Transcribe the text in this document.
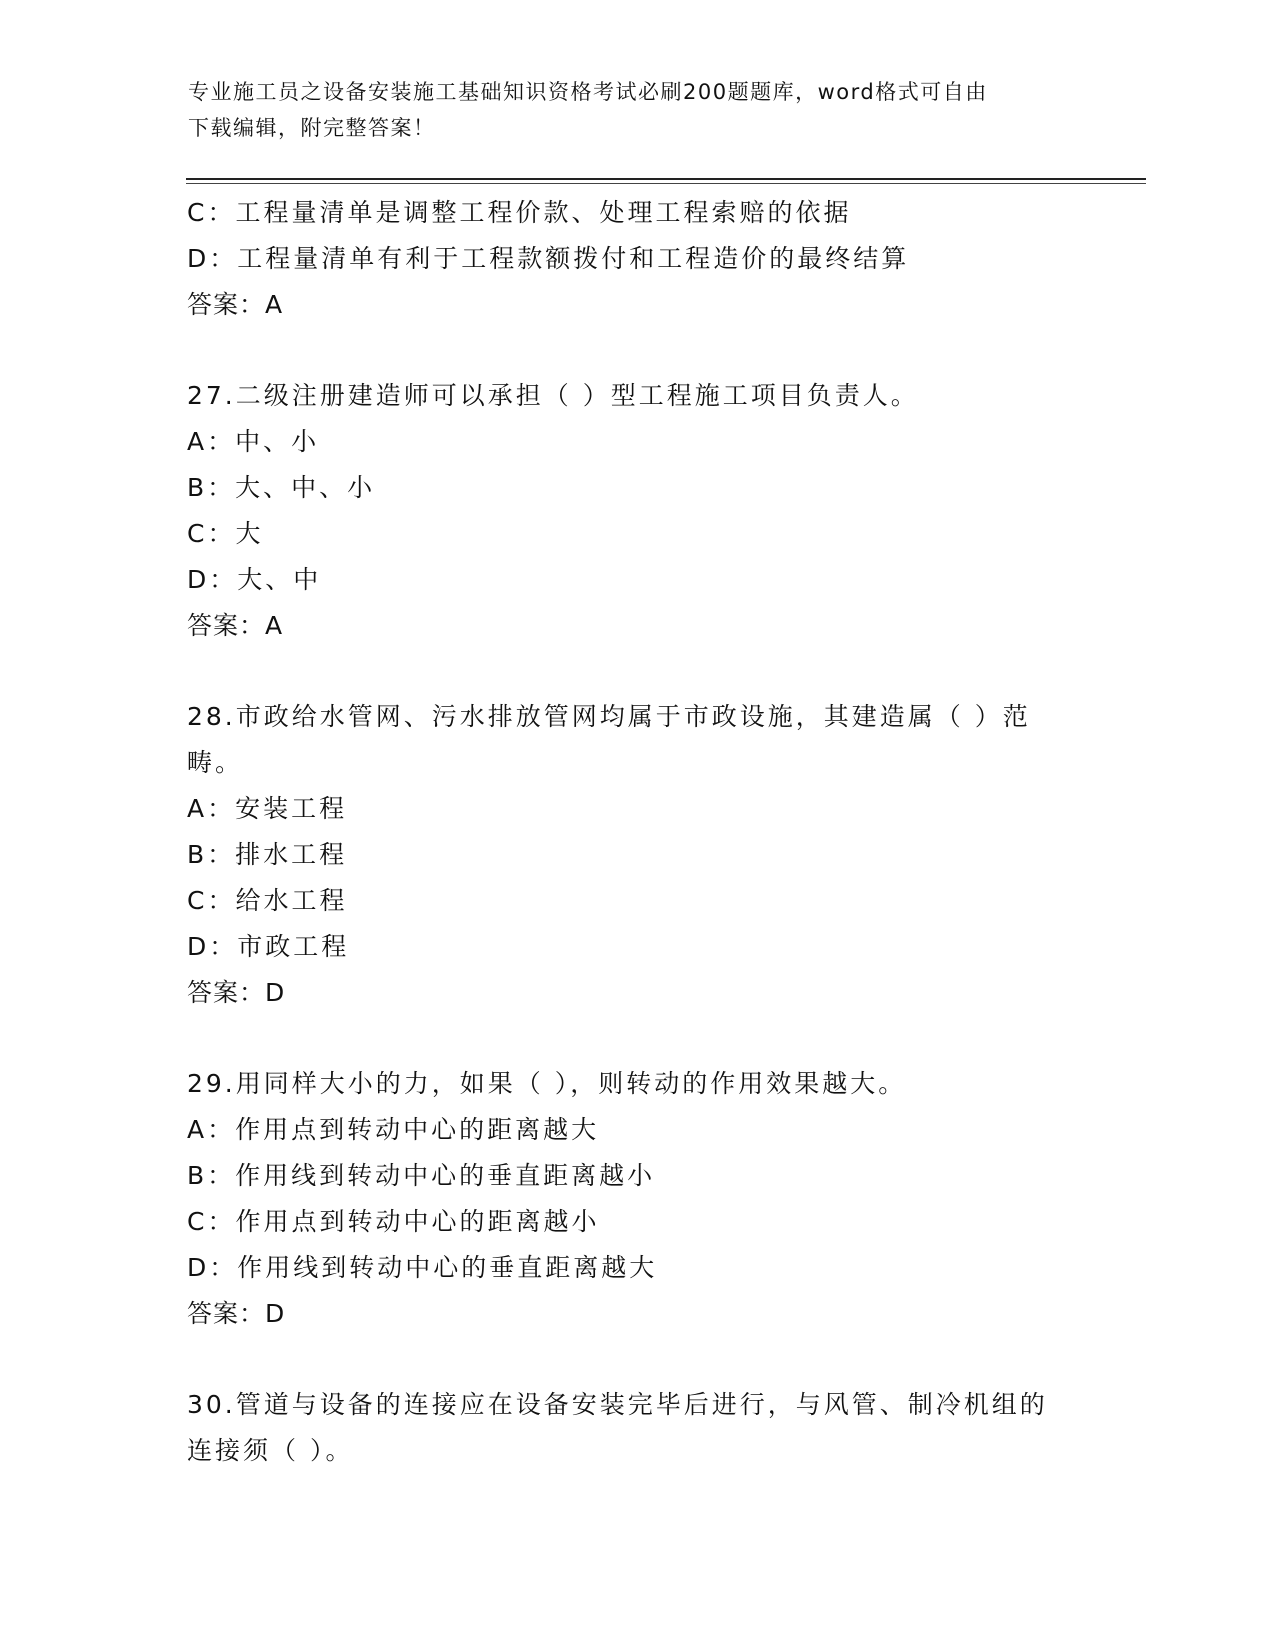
专业施工员之设备安装施工基础知识资格考试必刷200题题库，word格式可自由
下载编辑，附完整答案！
C：工程量清单是调整工程价款、处理工程索赔的依据
D：工程量清单有利于工程款额拨付和工程造价的最终结算
答案：A
27.二级注册建造师可以承担（ ）型工程施工项目负责人。
A：中、小
B：大、中、小
C：大
D：大、中
答案：A
28.市政给水管网、污水排放管网均属于市政设施，其建造属（ ）范
畴。
A：安装工程
B：排水工程
C：给水工程
D：市政工程
答案：D
29.用同样大小的力，如果（ ），则转动的作用效果越大。
A：作用点到转动中心的距离越大
B：作用线到转动中心的垂直距离越小
C：作用点到转动中心的距离越小
D：作用线到转动中心的垂直距离越大
答案：D
30.管道与设备的连接应在设备安装完毕后进行，与风管、制冷机组的
连接须（ ）。
